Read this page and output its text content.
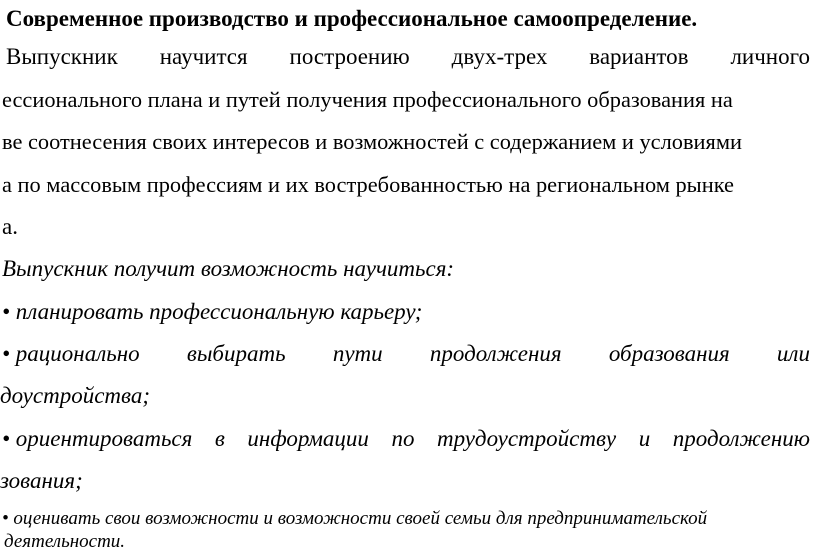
Современное производство и профессиональное самоопределение.
Выпускник научится построению двух-трех вариантов личного
ессионального плана и путей получения профессионального образования на
ве соотнесения своих интересов и возможностей с содержанием и условиями
а по массовым профессиям и их востребованностью на региональном рынке
а.
Выпускник получит возможность научиться:
• планировать профессиональную карьеру;
• рационально выбирать пути продолжения образования или
доустройства;
• ориентироваться в информации по трудоустройству и продолжению
зования;
• оценивать свои возможности и возможности своей семьи для предпринимательской
деятельности.
